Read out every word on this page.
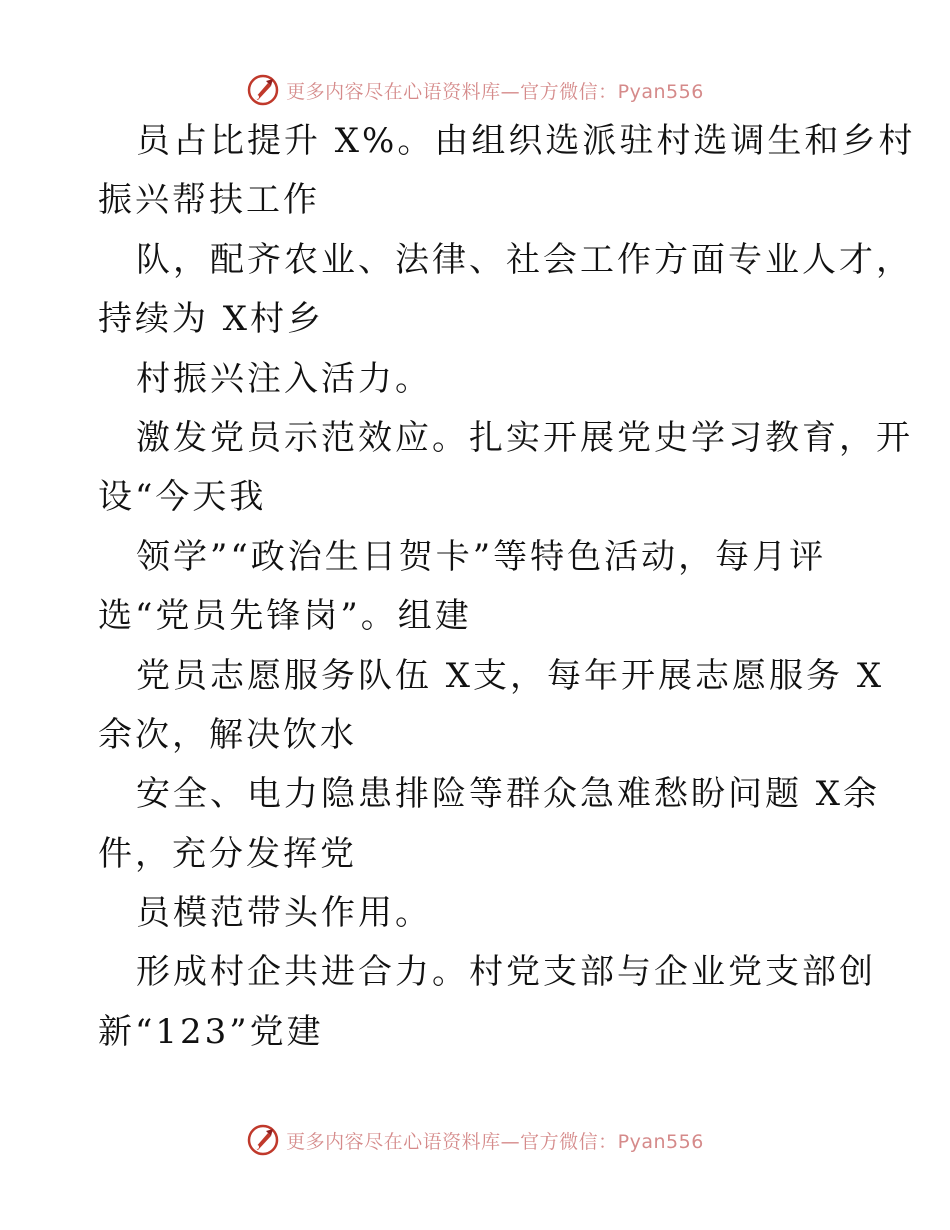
更多内容尽在心语资料库—官方微信：Pyan556
员占比提升 X%。由组织选派驻村选调生和乡村
振兴帮扶工作
队，配齐农业、法律、社会工作方面专业人才，
持续为 X村乡
村振兴注入活力。
激发党员示范效应。扎实开展党史学习教育，开
设“今天我
领学”“政治生日贺卡”等特色活动，每月评
选“党员先锋岗”。组建
党员志愿服务队伍 X支，每年开展志愿服务 X
余次，解决饮水
安全、电力隐患排险等群众急难愁盼问题 X余
件，充分发挥党
员模范带头作用。
形成村企共进合力。村党支部与企业党支部创
新“123”党建
更多内容尽在心语资料库—官方微信：Pyan556
